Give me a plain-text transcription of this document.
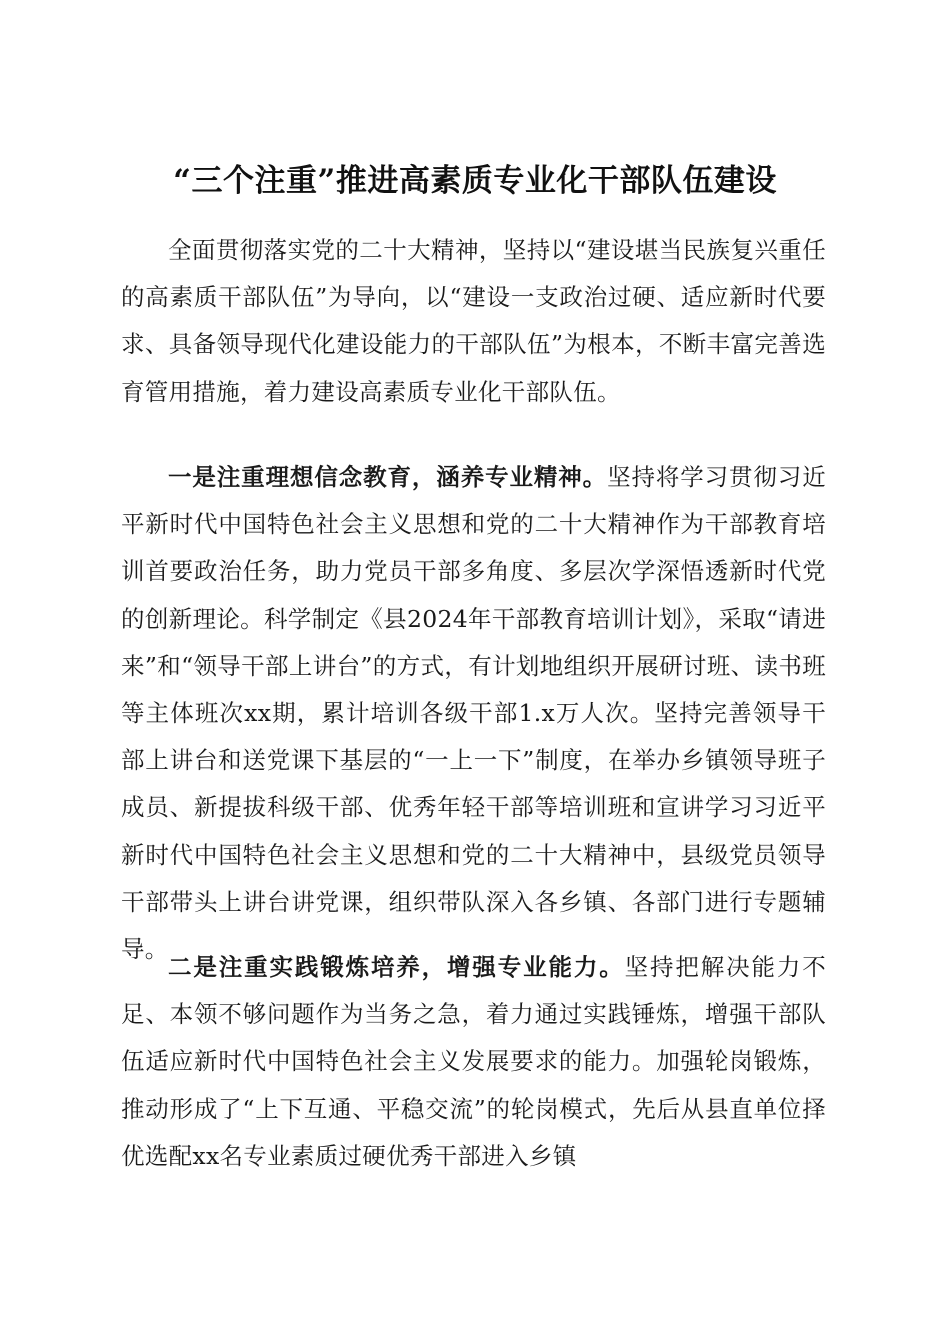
“三个注重”推进高素质专业化干部队伍建设

全面贯彻落实党的二十大精神，坚持以“建设堪当民族复兴重任的高素质干部队伍”为导向，以“建设一支政治过硬、适应新时代要求、具备领导现代化建设能力的干部队伍”为根本，不断丰富完善选育管用措施，着力建设高素质专业化干部队伍。

一是注重理想信念教育，涵养专业精神。坚持将学习贯彻习近平新时代中国特色社会主义思想和党的二十大精神作为干部教育培训首要政治任务，助力党员干部多角度、多层次学深悟透新时代党的创新理论。科学制定《县2024年干部教育培训计划》，采取“请进来”和“领导干部上讲台”的方式，有计划地组织开展研讨班、读书班等主体班次xx期，累计培训各级干部1.x万人次。坚持完善领导干部上讲台和送党课下基层的“一上一下”制度，在举办乡镇领导班子成员、新提拔科级干部、优秀年轻干部等培训班和宣讲学习习近平新时代中国特色社会主义思想和党的二十大精神中，县级党员领导干部带头上讲台讲党课，组织带队深入各乡镇、各部门进行专题辅导。

二是注重实践锻炼培养，增强专业能力。坚持把解决能力不足、本领不够问题作为当务之急，着力通过实践锤炼，增强干部队伍适应新时代中国特色社会主义发展要求的能力。加强轮岗锻炼，推动形成了“上下互通、平稳交流”的轮岗模式，先后从县直单位择优选配xx名专业素质过硬优秀干部进入乡镇
